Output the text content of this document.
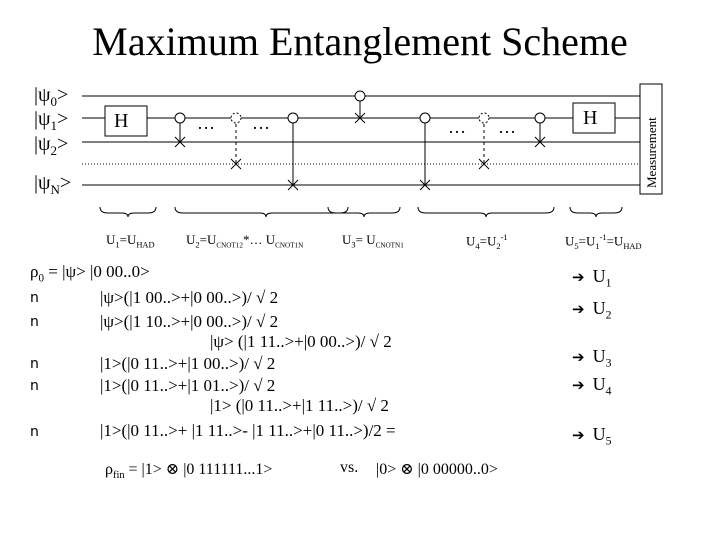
Maximum Entanglement Scheme
$|\psi_0>$
$|\psi_1>$
$|\psi_2>$
$|\psi_N>$
H	H	Measurement
… …	… …
$U_1=U_{HAD}$ $U_2=U_{CNOT12}*\dots$ $U_{CNOT1N}$	$U_3= U_{CNOTN1}$	$U_4=U_2^{-1}$	$U_5=U_1^{-1}=U_{HAD}$
$\rho_0 = |\psi> |0$ 00..0>
n
n
n
n
n
|ψ>(|1 00..>+|0 00..>)/ √ 2
|ψ>(|1 10..>+|0 00..>)/ √ 2
|ψ> (|1 11..>+|0 00..>)/ √ 2
|1>(|0 11..>+|1 00..>)/ √ 2
|1>(|0 11..>+|1 01..>)/ √ 2
|1> (|0 11..>+|1 11..>)/ √ 2
|1>(|0 11..>+ |1 11..>- |1 11..>+|0 11..>)/2 =
$\rho_{fin} = |1>$ ⊗ |0 111111...1>	vs. |0> ⊗ |0 00000..0>
➔ $U_1$
➔ $U_2$
➔ $U_3$
➔ $U_4$
➔ $U_5$
